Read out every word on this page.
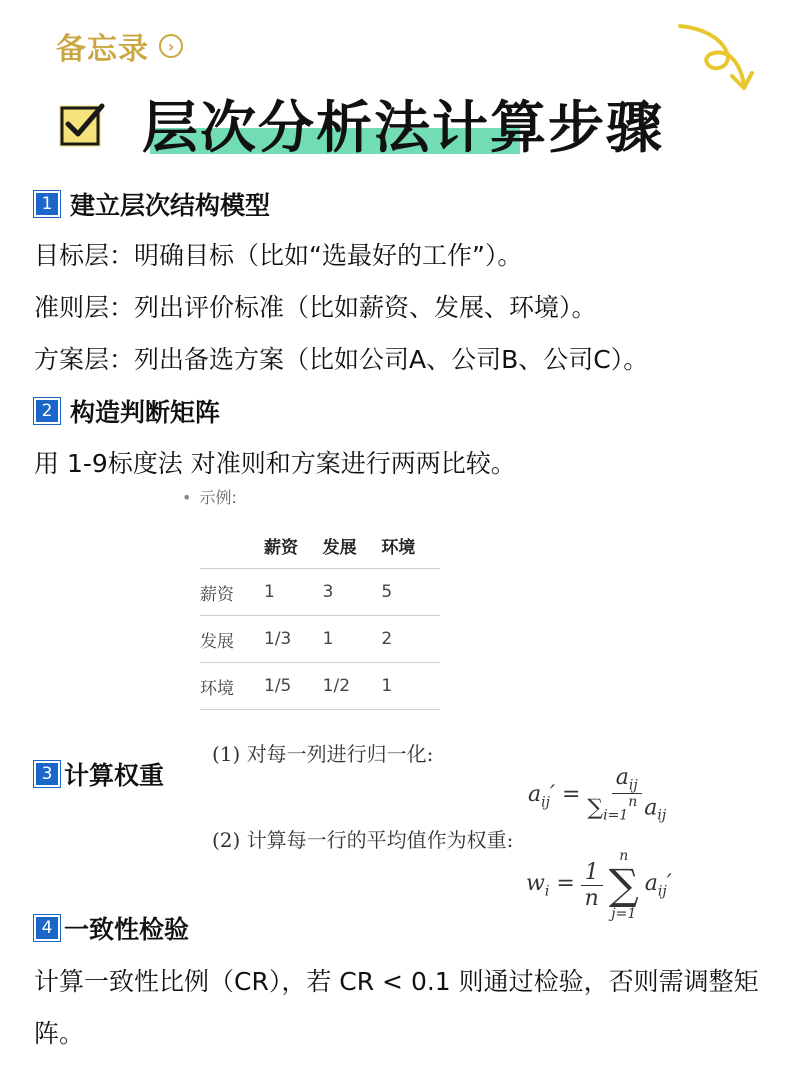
备忘录	›
层次分析法计算步骤
1 建立层次结构模型
目标层：明确目标（比如“选最好的工作”）。
准则层：列出评价标准（比如薪资、发展、环境）。
方案层：列出备选方案（比如公司A、公司B、公司C）。
2 构造判断矩阵
用 1-9标度法 对准则和方案进行两两比较。
• 示例:
	薪资	发展	环境
薪资	1	3	5
发展	1/3	1	2
环境	1/5	1/2	1
3 计算权重
(1) 对每一列进行归一化:
$a_{ij}' = \frac{a_{ij}}{\sum_{i=1}^n a_{ij}}$
(2) 计算每一行的平均值作为权重:
$w_i = \frac{1}{n}$
n
∑
j=1
$a_{ij}'$
4 一致性检验
计算一致性比例（CR），若 CR < 0.1 则通过检验，否则需调整矩
阵。
